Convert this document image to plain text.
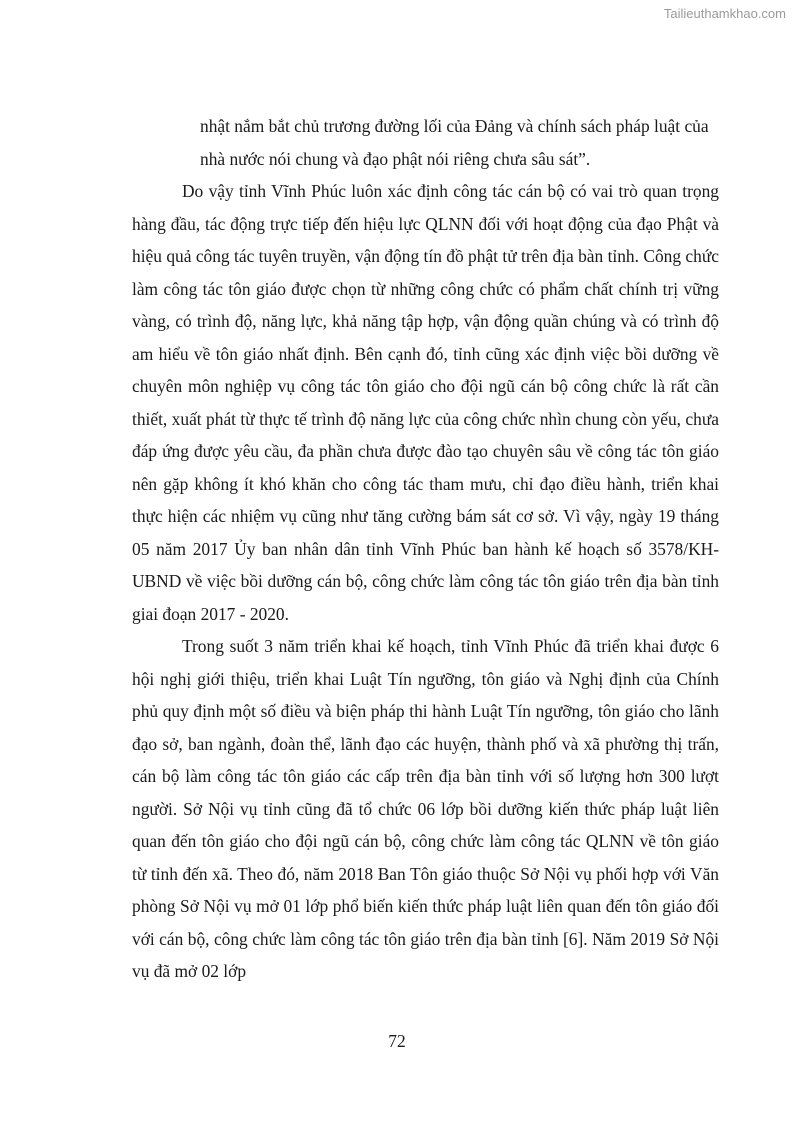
Tailieuthamkhao.com

nhật nắm bắt chủ trương đường lối của Đảng và chính sách pháp luật của nhà nước nói chung và đạo phật nói riêng chưa sâu sát”.

Do vậy tỉnh Vĩnh Phúc luôn xác định công tác cán bộ có vai trò quan trọng hàng đầu, tác động trực tiếp đến hiệu lực QLNN đối với hoạt động của đạo Phật và hiệu quả công tác tuyên truyền, vận động tín đồ phật tử trên địa bàn tỉnh. Công chức làm công tác tôn giáo được chọn từ những công chức có phẩm chất chính trị vững vàng, có trình độ, năng lực, khả năng tập hợp, vận động quần chúng và có trình độ am hiểu về tôn giáo nhất định. Bên cạnh đó, tỉnh cũng xác định việc bồi dưỡng về chuyên môn nghiệp vụ công tác tôn giáo cho đội ngũ cán bộ công chức là rất cần thiết, xuất phát từ thực tế trình độ năng lực của công chức nhìn chung còn yếu, chưa đáp ứng được yêu cầu, đa phần chưa được đào tạo chuyên sâu về công tác tôn giáo nên gặp không ít khó khăn cho công tác tham mưu, chỉ đạo điều hành, triển khai thực hiện các nhiệm vụ cũng như tăng cường bám sát cơ sở. Vì vậy, ngày 19 tháng 05 năm 2017 Ủy ban nhân dân tỉnh Vĩnh Phúc ban hành kế hoạch số 3578/KH-UBND về việc bồi dưỡng cán bộ, công chức làm công tác tôn giáo trên địa bàn tỉnh giai đoạn 2017 - 2020.

Trong suốt 3 năm triển khai kế hoạch, tỉnh Vĩnh Phúc đã triển khai được 6 hội nghị giới thiệu, triển khai Luật Tín ngưỡng, tôn giáo và Nghị định của Chính phủ quy định một số điều và biện pháp thi hành Luật Tín ngưỡng, tôn giáo cho lãnh đạo sở, ban ngành, đoàn thể, lãnh đạo các huyện, thành phố và xã phường thị trấn, cán bộ làm công tác tôn giáo các cấp trên địa bàn tỉnh với số lượng hơn 300 lượt người. Sở Nội vụ tỉnh cũng đã tổ chức 06 lớp bồi dưỡng kiến thức pháp luật liên quan đến tôn giáo cho đội ngũ cán bộ, công chức làm công tác QLNN về tôn giáo từ tỉnh đến xã. Theo đó, năm 2018 Ban Tôn giáo thuộc Sở Nội vụ phối hợp với Văn phòng Sở Nội vụ mở 01 lớp phổ biến kiến thức pháp luật liên quan đến tôn giáo đối với cán bộ, công chức làm công tác tôn giáo trên địa bàn tỉnh [6]. Năm 2019 Sở Nội vụ đã mở 02 lớp

72
